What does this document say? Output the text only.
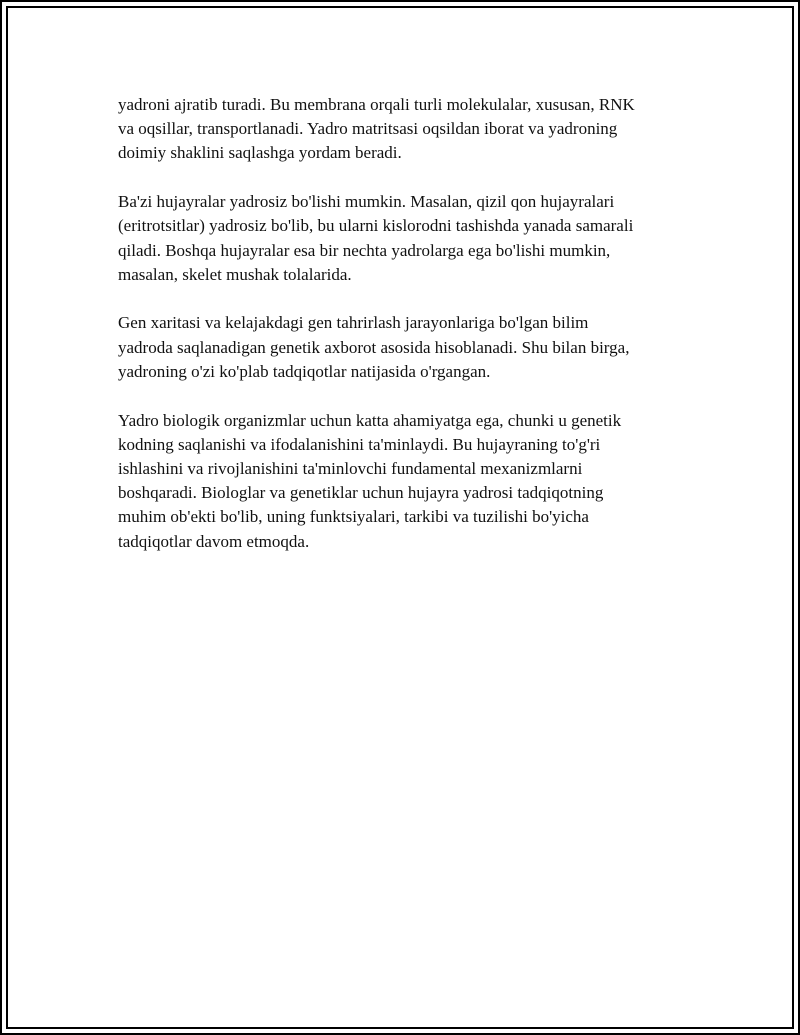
yadroni ajratib turadi. Bu membrana orqali turli molekulalar, xususan, RNK
va oqsillar, transportlanadi. Yadro matritsasi oqsildan iborat va yadroning
doimiy shaklini saqlashga yordam beradi.

Ba'zi hujayralar yadrosiz bo'lishi mumkin. Masalan, qizil qon hujayralari
(eritrotsitlar) yadrosiz bo'lib, bu ularni kislorodni tashishda yanada samarali
qiladi. Boshqa hujayralar esa bir nechta yadrolarga ega bo'lishi mumkin,
masalan, skelet mushak tolalarida.

Gen xaritasi va kelajakdagi gen tahrirlash jarayonlariga bo'lgan bilim
yadroda saqlanadigan genetik axborot asosida hisoblanadi. Shu bilan birga,
yadroning o'zi ko'plab tadqiqotlar natijasida o'rgangan.

Yadro biologik organizmlar uchun katta ahamiyatga ega, chunki u genetik
kodning saqlanishi va ifodalanishini ta'minlaydi. Bu hujayraning to'g'ri
ishlashini va rivojlanishini ta'minlovchi fundamental mexanizmlarni
boshqaradi. Biologlar va genetiklar uchun hujayra yadrosi tadqiqotning
muhim ob'ekti bo'lib, uning funktsiyalari, tarkibi va tuzilishi bo'yicha
tadqiqotlar davom etmoqda.
